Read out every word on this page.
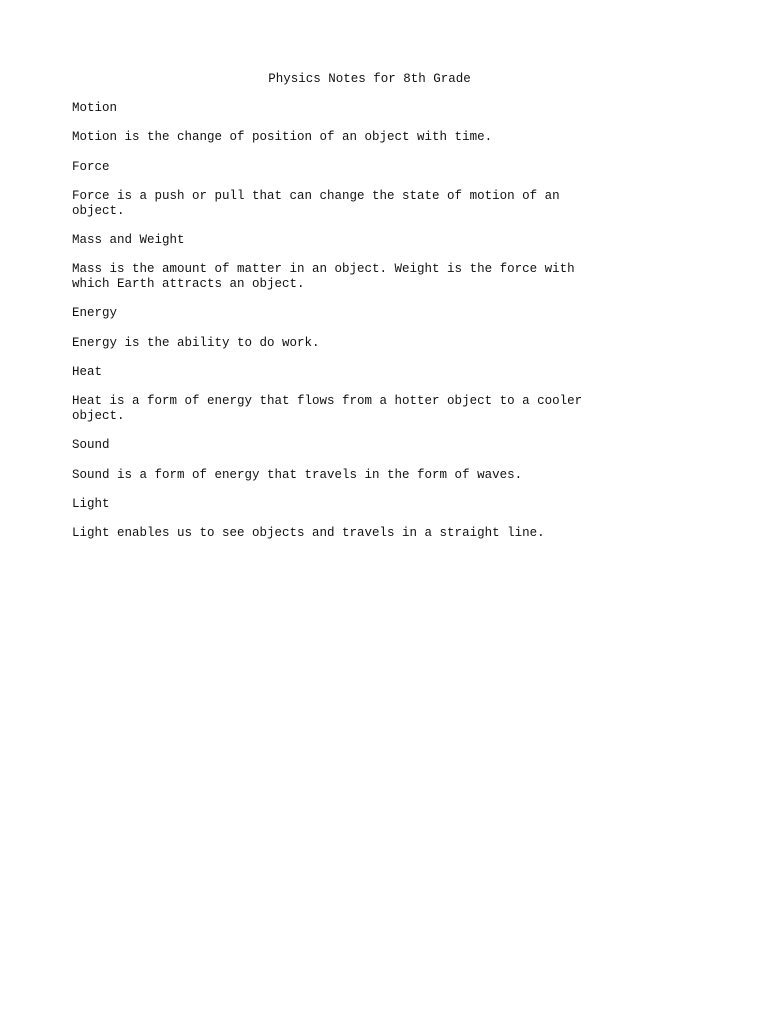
Physics Notes for 8th Grade
Motion

Motion is the change of position of an object with time.

Force

Force is a push or pull that can change the state of motion of an
object.

Mass and Weight

Mass is the amount of matter in an object. Weight is the force with
which Earth attracts an object.

Energy

Energy is the ability to do work.

Heat

Heat is a form of energy that flows from a hotter object to a cooler
object.

Sound

Sound is a form of energy that travels in the form of waves.

Light

Light enables us to see objects and travels in a straight line.
